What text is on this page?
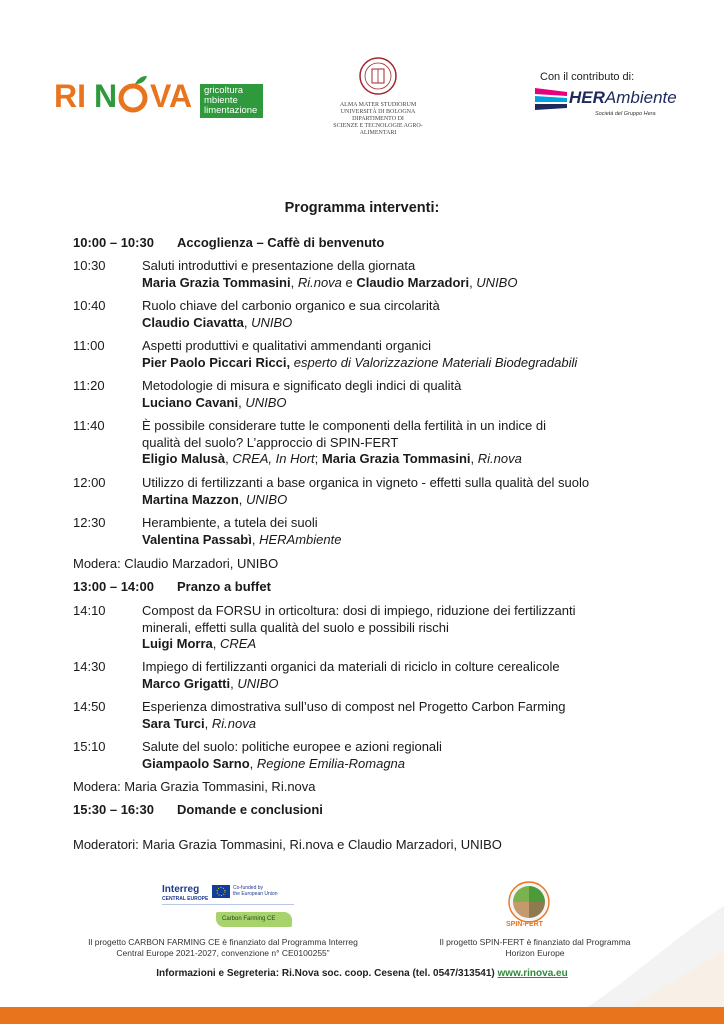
RI N VA gricoltura
mbiente
limentazione	ALMA MATER STUDIORUM
UNIVERSITÀ DI BOLOGNA
DIPARTIMENTO DI
SCIENZE E TECNOLOGIE AGRO-ALIMENTARI
Con il contributo di:
HERAmbiente
Società del Gruppo Hera
Programma interventi:
10:00 – 10:30 Accoglienza – Caffè di benvenuto
10:30	Saluti introduttivi e presentazione della giornata
Maria Grazia Tommasini, Ri.nova e Claudio Marzadori, UNIBO
10:40	Ruolo chiave del carbonio organico e sua circolarità
Claudio Ciavatta, UNIBO
11:00	Aspetti produttivi e qualitativi ammendanti organici
Pier Paolo Piccari Ricci, esperto di Valorizzazione Materiali Biodegradabili
11:20	Metodologie di misura e significato degli indici di qualità
Luciano Cavani, UNIBO
11:40	È possibile considerare tutte le componenti della fertilità in un indice di
qualità del suolo? L’approccio di SPIN-FERT
Eligio Malusà, CREA, In Hort; Maria Grazia Tommasini, Ri.nova
12:00	Utilizzo di fertilizzanti a base organica in vigneto - effetti sulla qualità del suolo
Martina Mazzon, UNIBO
12:30	Herambiente, a tutela dei suoli
Valentina Passabì, HERAmbiente
Modera: Claudio Marzadori, UNIBO
13:00 – 14:00 Pranzo a buffet
14:10	Compost da FORSU in orticoltura: dosi di impiego, riduzione dei fertilizzanti
minerali, effetti sulla qualità del suolo e possibili rischi
Luigi Morra, CREA
14:30	Impiego di fertilizzanti organici da materiali di riciclo in colture cerealicole
Marco Grigatti, UNIBO
14:50	Esperienza dimostrativa sull’uso di compost nel Progetto Carbon Farming
Sara Turci, Ri.nova
15:10	Salute del suolo: politiche europee e azioni regionali
Giampaolo Sarno, Regione Emilia-Romagna
Modera: Maria Grazia Tommasini, Ri.nova
15:30 – 16:30 Domande e conclusioni
Moderatori: Maria Grazia Tommasini, Ri.nova e Claudio Marzadori, UNIBO
Interreg
CENTRAL EUROPE
Co-funded by
the European Union
Carbon Farming CE
Il progetto CARBON FARMING CE è finanziato dal Programma Interreg
Central Europe 2021-2027, convenzione n° CE0100255”
SPIN-FERT
Il progetto SPIN-FERT è finanziato dal Programma
Horizon Europe
Informazioni e Segreteria: Ri.Nova soc. coop. Cesena (tel. 0547/313541) www.rinova.eu
